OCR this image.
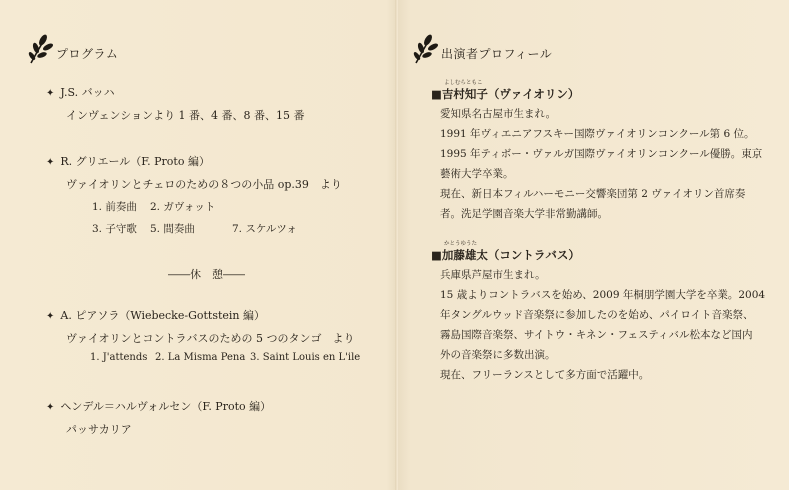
プログラム
✦ J.S. バッハ
インヴェンションより 1 番、4 番、8 番、15 番
✦ R. グリエール（F. Proto 編）
ヴァイオリンとチェロのための８つの小品 op.39　より
1. 前奏曲 2. ガヴォット
3. 子守歌 5. 間奏曲	7. スケルツォ
――休　憩――
✦ A. ピアソラ（Wiebecke-Gottstein 編）
ヴァイオリンとコントラバスのための 5 つのタンゴ　より
1. J'attends 2. La Misma Pena 3. Saint Louis en L'ile
✦ ヘンデル＝ハルヴォルセン（F. Proto 編）
パッサカリア
出演者プロフィール
よしむらともこ
■吉村知子（ヴァイオリン）
愛知県名古屋市生まれ。
1991 年ヴィエニアフスキー国際ヴァイオリンコンクール第 6 位。
1995 年ティボー・ヴァルガ国際ヴァイオリンコンクール優勝。東京
藝術大学卒業。
現在、新日本フィルハーモニー交響楽団第 2 ヴァイオリン首席奏
者。洗足学園音楽大学非常勤講師。
かとうゆうた
■加藤雄太（コントラバス）
兵庫県芦屋市生まれ。
15 歳よりコントラバスを始め、2009 年桐朋学園大学を卒業。2004
年タングルウッド音楽祭に参加したのを始め、パイロイト音楽祭、
霧島国際音楽祭、サイトウ・キネン・フェスティバル松本など国内
外の音楽祭に多数出演。
現在、フリーランスとして多方面で活躍中。
